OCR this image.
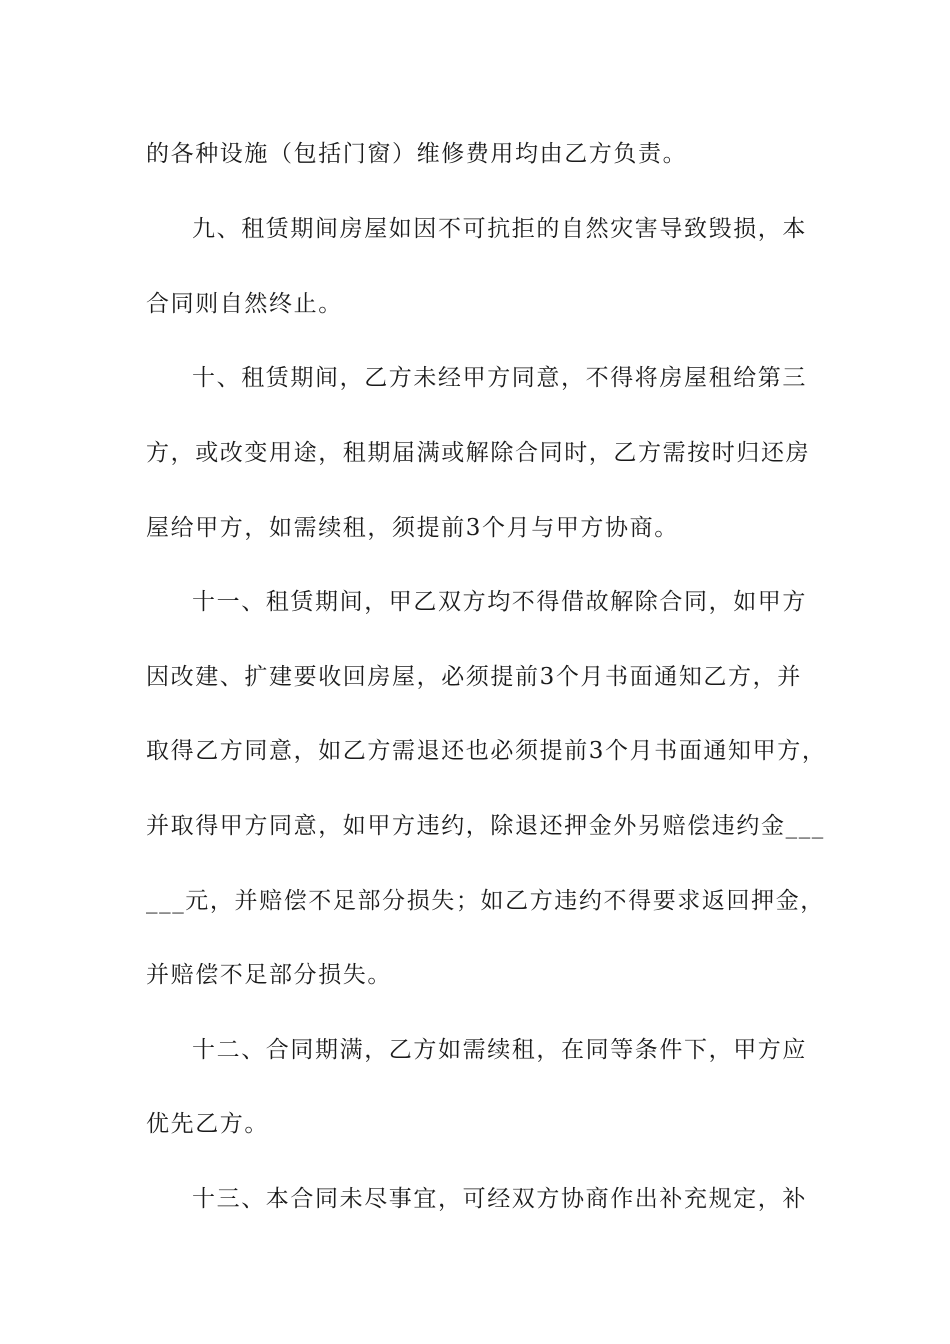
的各种设施（包括门窗）维修费用均由乙方负责。
九、租赁期间房屋如因不可抗拒的自然灾害导致毁损，本
合同则自然终止。
十、租赁期间，乙方未经甲方同意，不得将房屋租给第三
方，或改变用途，租期届满或解除合同时，乙方需按时归还房
屋给甲方，如需续租，须提前3个月与甲方协商。
十一、租赁期间，甲乙双方均不得借故解除合同，如甲方
因改建、扩建要收回房屋，必须提前3个月书面通知乙方，并
取得乙方同意，如乙方需退还也必须提前3个月书面通知甲方，
并取得甲方同意，如甲方违约，除退还押金外另赔偿违约金___
___元，并赔偿不足部分损失；如乙方违约不得要求返回押金，
并赔偿不足部分损失。
十二、合同期满，乙方如需续租，在同等条件下，甲方应
优先乙方。
十三、本合同未尽事宜，可经双方协商作出补充规定，补
